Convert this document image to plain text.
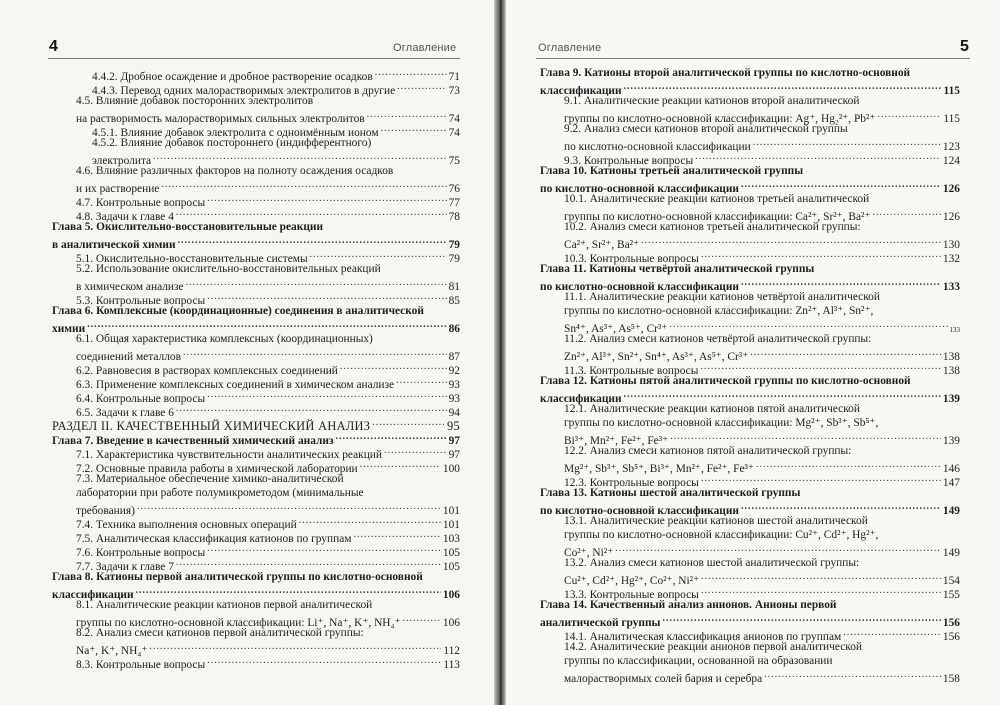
4	Оглавление
4.4.2. Дробное осаждение и дробное растворение осадков .....	71
4.4.3. Перевод одних малорастворимых электролитов в другие .....	73
4.5. Влияние добавок посторонних электролитов
на растворимость малорастворимых сильных электролитов .....	74
4.5.1. Влияние добавок электролита с одноимённым ионом .....	74
4.5.2. Влияние добавок постороннего (индифферентного)
электролита .....	75
4.6. Влияние различных факторов на полноту осаждения осадков
и их растворение .....	76
4.7. Контрольные вопросы .....	77
4.8. Задачи к главе 4 .....	78
Глава 5. Окислительно-восстановительные реакции
в аналитической химии .....	79
5.1. Окислительно-восстановительные системы .....	79
5.2. Использование окислительно-восстановительных реакций
в химическом анализе .....	81
5.3. Контрольные вопросы .....	85
Глава 6. Комплексные (координационные) соединения в аналитической
химии .....	86
6.1. Общая характеристика комплексных (координационных)
соединений металлов .....	87
6.2. Равновесия в растворах комплексных соединений .....	92
6.3. Применение комплексных соединений в химическом анализе .....	93
6.4. Контрольные вопросы .....	93
6.5. Задачи к главе 6 .....	94
РАЗДЕЛ II. КАЧЕСТВЕННЫЙ ХИМИЧЕСКИЙ АНАЛИЗ .....	95
Глава 7. Введение в качественный химический анализ .....	97
7.1. Характеристика чувствительности аналитических реакций .....	97
7.2. Основные правила работы в химической лаборатории .....	100
7.3. Материальное обеспечение химико-аналитической
лаборатории при работе полумикрометодом (минимальные
требования) .....	101
7.4. Техника выполнения основных операций .....	101
7.5. Аналитическая классификация катионов по группам .....	103
7.6. Контрольные вопросы .....	105
7.7. Задачи к главе 7 .....	105
Глава 8. Катионы первой аналитической группы по кислотно-основной
классификации .....	106
8.1. Аналитические реакции катионов первой аналитической
группы по кислотно-основной классификации: Li⁺, Na⁺, K⁺, NH₄⁺ .....	106
8.2. Анализ смеси катионов первой аналитической группы:
Na⁺, K⁺, NH₄⁺ .....	112
8.3. Контрольные вопросы .....	113
Оглавление	5
Глава 9. Катионы второй аналитической группы по кислотно-основной
классификации .....	115
9.1. Аналитические реакции катионов второй аналитической
группы по кислотно-основной классификации: Ag⁺, Hg₂²⁺, Pb²⁺ .....	115
9.2. Анализ смеси катионов второй аналитической группы
по кислотно-основной классификации .....	123
9.3. Контрольные вопросы .....	124
Глава 10. Катионы третьей аналитической группы
по кислотно-основной классификации .....	126
10.1. Аналитические реакции катионов третьей аналитической
группы по кислотно-основной классификации: Ca²⁺, Sr²⁺, Ba²⁺ .....	126
10.2. Анализ смеси катионов третьей аналитической группы:
Ca²⁺, Sr²⁺, Ba²⁺ .....	130
10.3. Контрольные вопросы .....	132
Глава 11. Катионы четвёртой аналитической группы
по кислотно-основной классификации .....	133
11.1. Аналитические реакции катионов четвёртой аналитической
группы по кислотно-основной классификации: Zn²⁺, Al³⁺, Sn²⁺,
Sn⁴⁺, As³⁺, As⁵⁺, Cr³⁺ .....	133
11.2. Анализ смеси катионов четвёртой аналитической группы:
Zn²⁺, Al³⁺, Sn²⁺, Sn⁴⁺, As³⁺, As⁵⁺, Cr³⁺ .....	138
11.3. Контрольные вопросы .....	138
Глава 12. Катионы пятой аналитической группы по кислотно-основной
классификации .....	139
12.1. Аналитические реакции катионов пятой аналитической
группы по кислотно-основной классификации: Mg²⁺, Sb³⁺, Sb⁵⁺,
Bi³⁺, Mn²⁺, Fe²⁺, Fe³⁺ .....	139
12.2. Анализ смеси катионов пятой аналитической группы:
Mg²⁺, Sb³⁺, Sb⁵⁺, Bi³⁺, Mn²⁺, Fe²⁺, Fe³⁺ .....	146
12.3. Контрольные вопросы .....	147
Глава 13. Катионы шестой аналитической группы
по кислотно-основной классификации .....	149
13.1. Аналитические реакции катионов шестой аналитической
группы по кислотно-основной классификации: Cu²⁺, Cd²⁺, Hg²⁺,
Co²⁺, Ni²⁺ .....	149
13.2. Анализ смеси катионов шестой аналитической группы:
Cu²⁺, Cd²⁺, Hg²⁺, Co²⁺, Ni²⁺ .....	154
13.3. Контрольные вопросы .....	155
Глава 14. Качественный анализ анионов. Анионы первой
аналитической группы .....	156
14.1. Аналитическая классификация анионов по группам .....	156
14.2. Аналитические реакции анионов первой аналитической
группы по классификации, основанной на образовании
малорастворимых солей бария и серебра .....	158
